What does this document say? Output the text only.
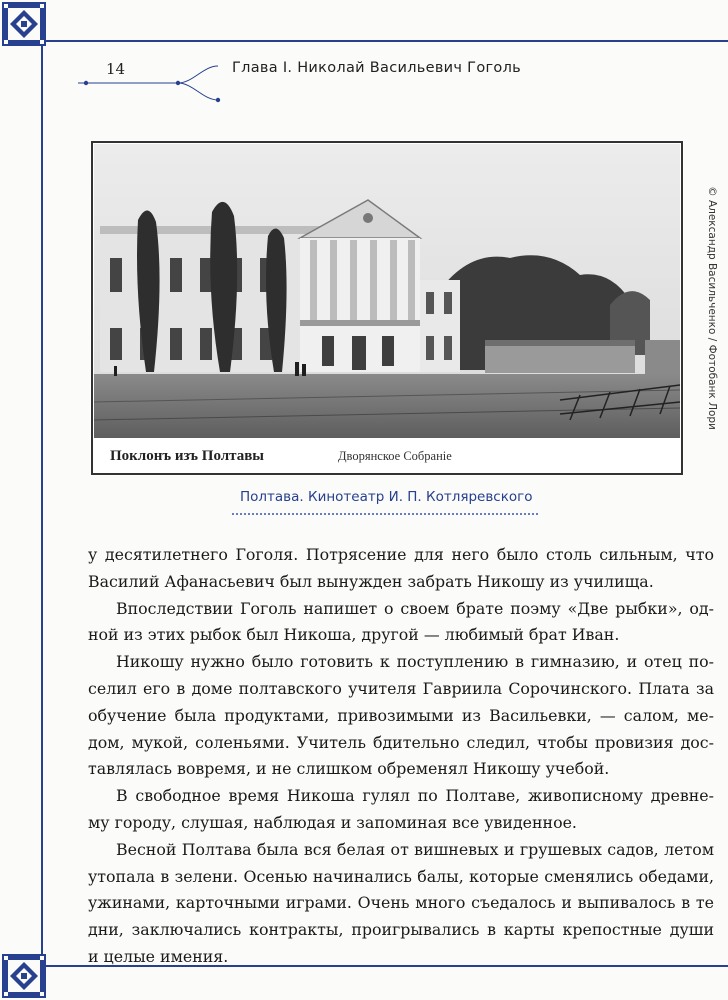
14	Глава I. Николай Васильевич Гоголь
Поклонъ изъ Полтавы	Дворянское Собраніе
© Александр Васильченко / Фотобанк Лори
Полтава. Кинотеатр И. П. Котляревского

у десятилетнего Гоголя. Потрясение для него было столь сильным, что

Василий Афанасьевич был вынужден забрать Никошу из училища.

Впоследствии Гоголь напишет о своем брате поэму «Две рыбки», од-

ной из этих рыбок был Никоша, другой — любимый брат Иван.

Никошу нужно было готовить к поступлению в гимназию, и отец по-

селил его в доме полтавского учителя Гавриила Сорочинского. Плата за

обучение была продуктами, привозимыми из Васильевки, — салом, ме-

дом, мукой, соленьями. Учитель бдительно следил, чтобы провизия дос-

тавлялась вовремя, и не слишком обременял Никошу учебой.

В свободное время Никоша гулял по Полтаве, живописному древне-

му городу, слушая, наблюдая и запоминая все увиденное.

Весной Полтава была вся белая от вишневых и грушевых садов, летом

утопала в зелени. Осенью начинались балы, которые сменялись обедами,

ужинами, карточными играми. Очень много съедалось и выпивалось в те

дни, заключались контракты, проигрывались в карты крепостные души

и целые имения.
